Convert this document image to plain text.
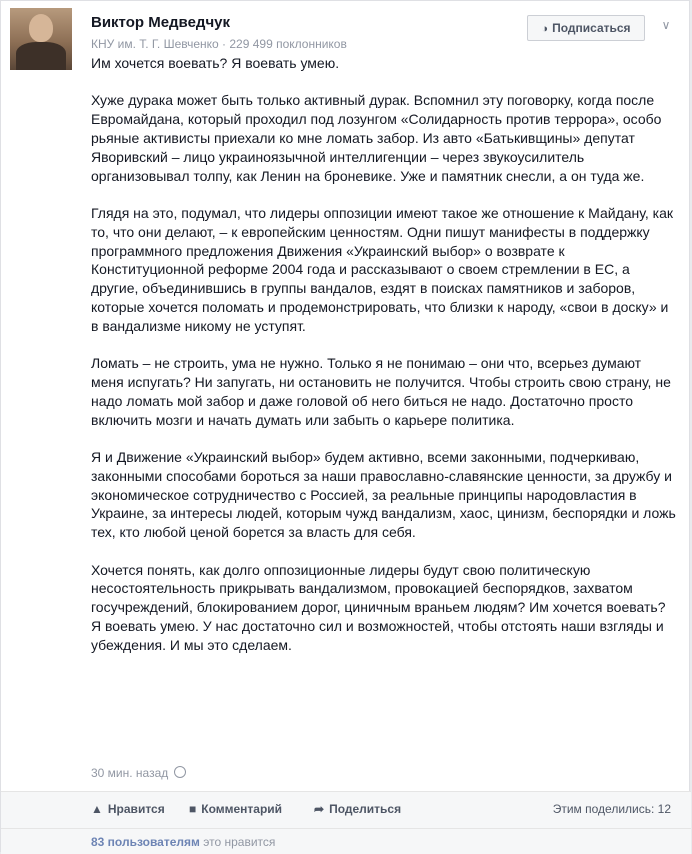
Виктор Медведчук
КНУ им. Т. Г. Шевченко · 229 499 поклонников
◑ Подписаться	∨

Им хочется воевать? Я воевать умею.

Хуже дурака может быть только активный дурак. Вспомнил эту поговорку, когда после Евромайдана, который проходил под лозунгом «Солидарность против террора», особо рьяные активисты приехали ко мне ломать забор. Из авто «Батькивщины» депутат Яворивский – лицо украиноязычной интеллигенции – через звукоусилитель организовывал толпу, как Ленин на броневике. Уже и памятник снесли, а он туда же.

Глядя на это, подумал, что лидеры оппозиции имеют такое же отношение к Майдану, как то, что они делают, – к европейским ценностям. Одни пишут манифесты в поддержку программного предложения Движения «Украинский выбор» о возврате к Конституционной реформе 2004 года и рассказывают о своем стремлении в ЕС, а другие, объединившись в группы вандалов, ездят в поисках памятников и заборов, которые хочется поломать и продемонстрировать, что близки к народу, «свои в доску» и в вандализме никому не уступят.

Ломать – не строить, ума не нужно. Только я не понимаю – они что, всерьез думают меня испугать? Ни запугать, ни остановить не получится. Чтобы строить свою страну, не надо ломать мой забор и даже головой об него биться не надо. Достаточно просто включить мозги и начать думать или забыть о карьере политика.

Я и Движение «Украинский выбор» будем активно, всеми законными, подчеркиваю, законными способами бороться за наши православно-славянские ценности, за дружбу и экономическое сотрудничество с Россией, за реальные принципы народовластия в Украине, за интересы людей, которым чужд вандализм, хаос, цинизм, беспорядки и ложь тех, кто любой ценой борется за власть для себя.

Хочется понять, как долго оппозиционные лидеры будут свою политическую несостоятельность прикрывать вандализмом, провокацией беспорядков, захватом госучреждений, блокированием дорог, циничным враньем людям? Им хочется воевать? Я воевать умею. У нас достаточно сил и возможностей, чтобы отстоять наши взгляды и убеждения. И мы это сделаем.

30 мин. назад
▲ Нравится ■ Комментарий	➦ Поделиться	Этим поделились: 12
83 пользователям это нравится
